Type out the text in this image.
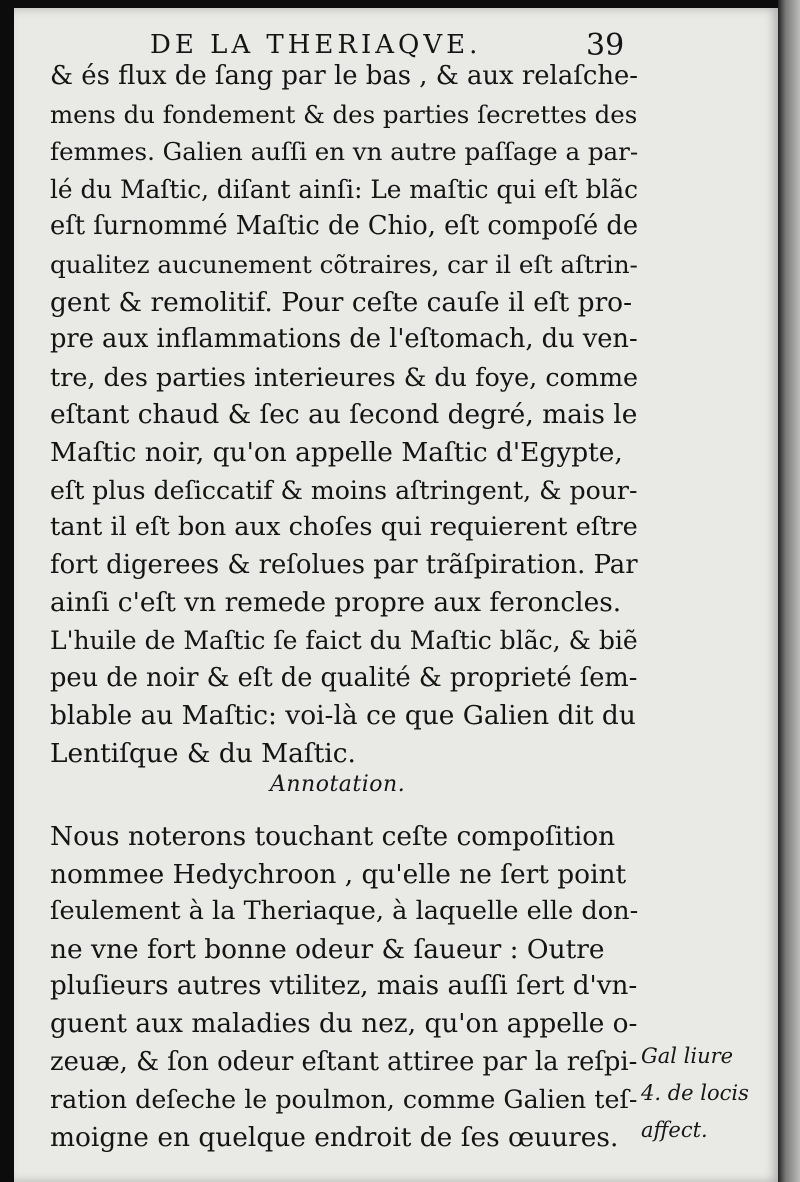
DE LA THERIAQVE.	39
& és flux de ſang par le bas , & aux relaſche-
mens du fondement & des parties ſecrettes des
femmes. Galien auſſi en vn autre paſſage a par-
lé du Maſtic, diſant ainſi: Le maſtic qui eſt blãc
eſt ſurnommé Maſtic de Chio, eſt compoſé de
qualitez aucunement cõtraires, car il eſt aſtrin-
gent & remolitif. Pour ceſte cauſe il eſt pro-
pre aux inflammations de l'eſtomach, du ven-
tre, des parties interieures & du foye, comme
eſtant chaud & ſec au ſecond degré, mais le
Maſtic noir, qu'on appelle Maſtic d'Egypte,
eſt plus deſiccatif & moins aſtringent, & pour-
tant il eſt bon aux choſes qui requierent eſtre
fort digerees & reſolues par trãſpiration. Par
ainſi c'eſt vn remede propre aux feroncles.
L'huile de Maſtic ſe faict du Maſtic blãc, & biẽ
peu de noir & eſt de qualité & proprieté ſem-
blable au Maſtic: voi-là ce que Galien dit du
Lentiſque & du Maſtic.
Annotation.
Nous noterons touchant ceſte compoſition
nommee Hedychroon , qu'elle ne ſert point
ſeulement à la Theriaque, à laquelle elle don-
ne vne fort bonne odeur & ſaueur : Outre
pluſieurs autres vtilitez, mais auſſi ſert d'vn-
guent aux maladies du nez, qu'on appelle o-
zeuæ, & ſon odeur eſtant attiree par la reſpi-
ration deſeche le poulmon, comme Galien teſ-
moigne en quelque endroit de ſes œuures.
Gal liure
4. de locis
affect.
